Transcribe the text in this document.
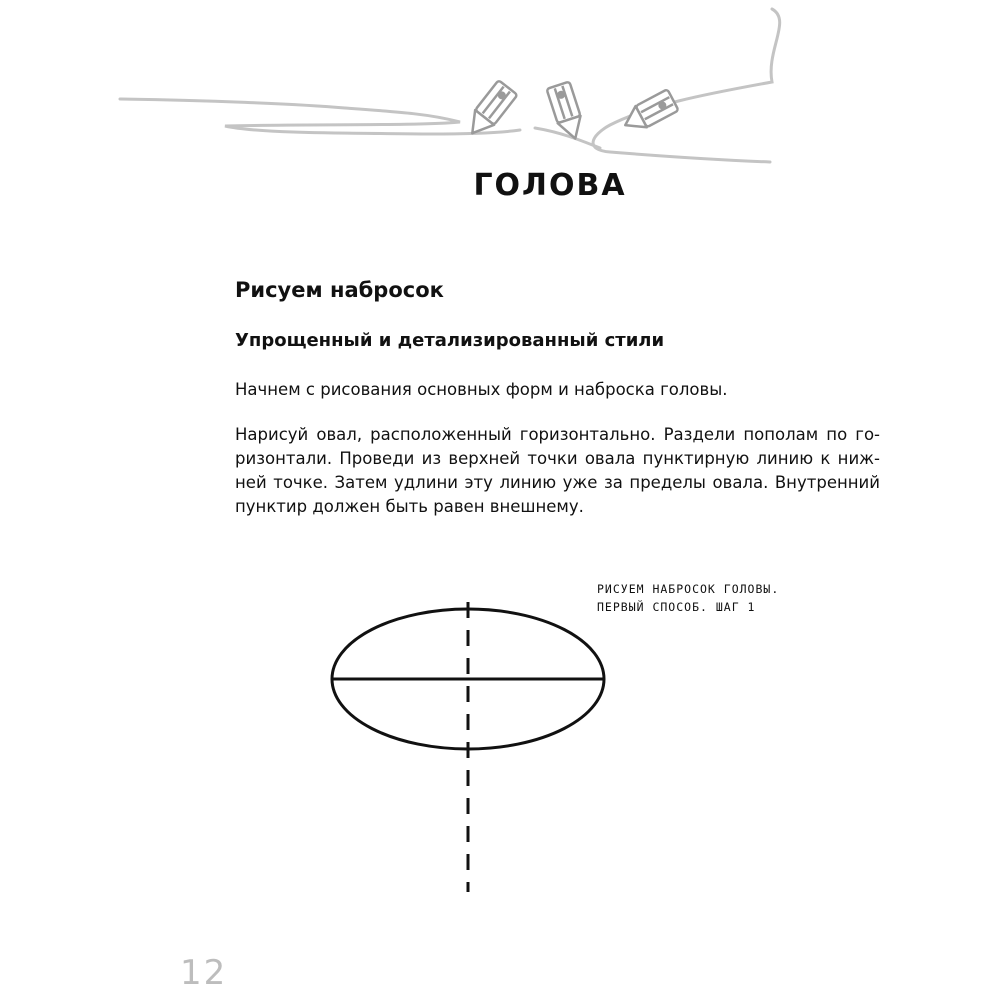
ГОЛОВА
Рисуем набросок
Упрощенный и детализированный стили
Начнем с рисования основных форм и наброска головы.
Нарисуй овал, расположенный горизонтально. Раздели пополам по го-
ризонтали. Проведи из верхней точки овала пунктирную линию к ниж-
ней точке. Затем удлини эту линию уже за пределы овала. Внутренний
пунктир должен быть равен внешнему.
РИСУЕМ НАБРОСОК ГОЛОВЫ.
ПЕРВЫЙ СПОСОБ. ШАГ 1
12
